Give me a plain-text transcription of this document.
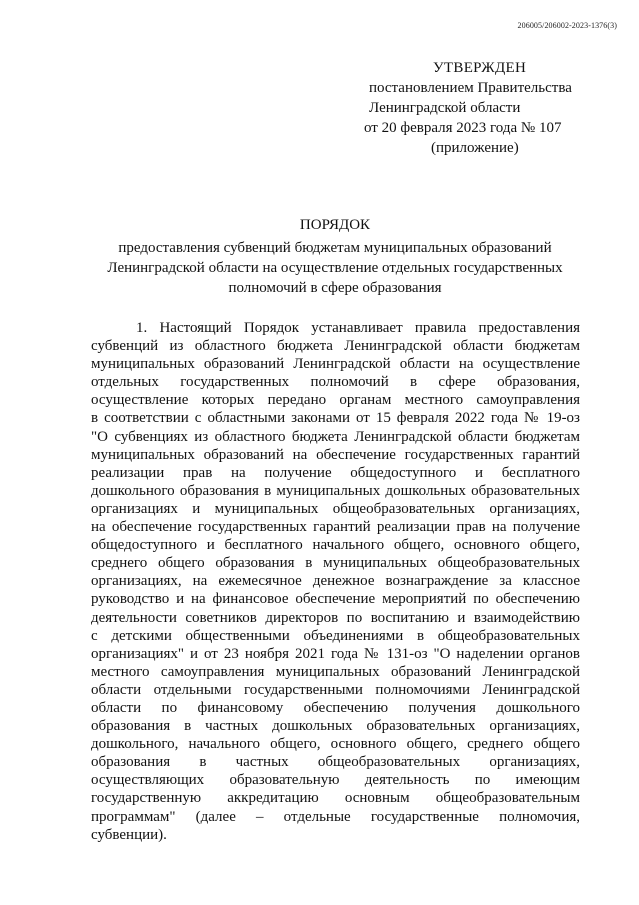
206005/206002-2023-1376(3)
УТВЕРЖДЕН
постановлением Правительства
Ленинградской области
от 20 февраля 2023 года № 107
(приложение)
ПОРЯДОК
предоставления субвенций бюджетам муниципальных образований
Ленинградской области на осуществление отдельных государственных
полномочий в сфере образования
1. Настоящий Порядок устанавливает правила предоставления
субвенций из областного бюджета Ленинградской области бюджетам
муниципальных образований Ленинградской области на осуществление
отдельных государственных полномочий в сфере образования,
осуществление которых передано органам местного самоуправления
в соответствии с областными законами от 15 февраля 2022 года № 19-оз
"О субвенциях из областного бюджета Ленинградской области бюджетам
муниципальных образований на обеспечение государственных гарантий
реализации прав на получение общедоступного и бесплатного
дошкольного образования в муниципальных дошкольных образовательных
организациях и муниципальных общеобразовательных организациях,
на обеспечение государственных гарантий реализации прав на получение
общедоступного и бесплатного начального общего, основного общего,
среднего общего образования в муниципальных общеобразовательных
организациях, на ежемесячное денежное вознаграждение за классное
руководство и на финансовое обеспечение мероприятий по обеспечению
деятельности советников директоров по воспитанию и взаимодействию
с детскими общественными объединениями в общеобразовательных
организациях" и от 23 ноября 2021 года № 131-оз "О наделении органов
местного самоуправления муниципальных образований Ленинградской
области отдельными государственными полномочиями Ленинградской
области по финансовому обеспечению получения дошкольного
образования в частных дошкольных образовательных организациях,
дошкольного, начального общего, основного общего, среднего общего
образования в частных общеобразовательных организациях,
осуществляющих образовательную деятельность по имеющим
государственную аккредитацию основным общеобразовательным
программам" (далее – отдельные государственные полномочия,
субвенции).
